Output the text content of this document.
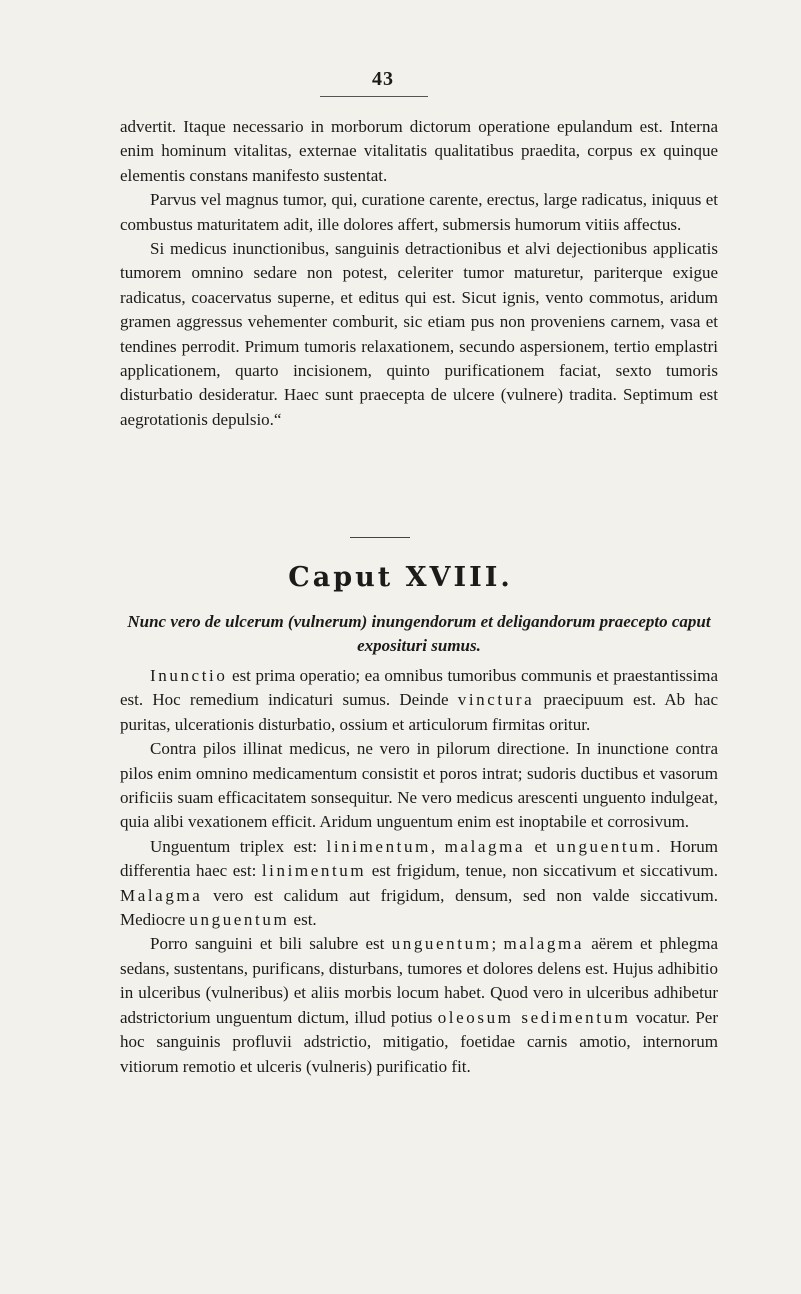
43

advertit. Itaque necessario in morborum dictorum operatione epulandum est. Interna enim hominum vitalitas, externae vitalitatis qualitatibus praedita, corpus ex quinque elementis constans manifesto sustentat.

Parvus vel magnus tumor, qui, curatione carente, erectus, large radicatus, iniquus et combustus maturitatem adit, ille dolores affert, submersis humorum vitiis affectus.

Si medicus inunctionibus, sanguinis detractionibus et alvi dejectionibus applicatis tumorem omnino sedare non potest, celeriter tumor maturetur, pariterque exigue radicatus, coacervatus superne, et editus qui est. Sicut ignis, vento commotus, aridum gramen aggressus vehementer comburit, sic etiam pus non proveniens carnem, vasa et tendines perrodit. Primum tumoris relaxationem, secundo aspersionem, tertio emplastri applicationem, quarto incisionem, quinto purificationem faciat, sexto tumoris disturbatio desideratur. Haec sunt praecepta de ulcere (vulnere) tradita. Septimum est aegrotationis depulsio.“

Caput XVIII.
Nunc vero de ulcerum (vulnerum) inungendorum et deligandorum praecepto caput exposituri sumus.

Inunctio est prima operatio; ea omnibus tumoribus communis et praestantissima est. Hoc remedium indicaturi sumus. Deinde vinctura praecipuum est. Ab hac puritas, ulcerationis disturbatio, ossium et articulorum firmitas oritur.

Contra pilos illinat medicus, ne vero in pilorum directione. In inunctione contra pilos enim omnino medicamentum consistit et poros intrat; sudoris ductibus et vasorum orificiis suam efficacitatem sonsequitur. Ne vero medicus arescenti unguento indulgeat, quia alibi vexationem efficit. Aridum unguentum enim est inoptabile et corrosivum.

Unguentum triplex est: linimentum, malagma et unguentum. Horum differentia haec est: linimentum est frigidum, tenue, non siccativum et siccativum. Malagma vero est calidum aut frigidum, densum, sed non valde siccativum. Mediocre unguentum est.

Porro sanguini et bili salubre est unguentum; malagma aërem et phlegma sedans, sustentans, purificans, disturbans, tumores et dolores delens est. Hujus adhibitio in ulceribus (vulneribus) et aliis morbis locum habet. Quod vero in ulceribus adhibetur adstrictorium unguentum dictum, illud potius oleosum sedimentum vocatur. Per hoc sanguinis profluvii adstrictio, mitigatio, foetidae carnis amotio, internorum vitiorum remotio et ulceris (vulneris) purificatio fit.
